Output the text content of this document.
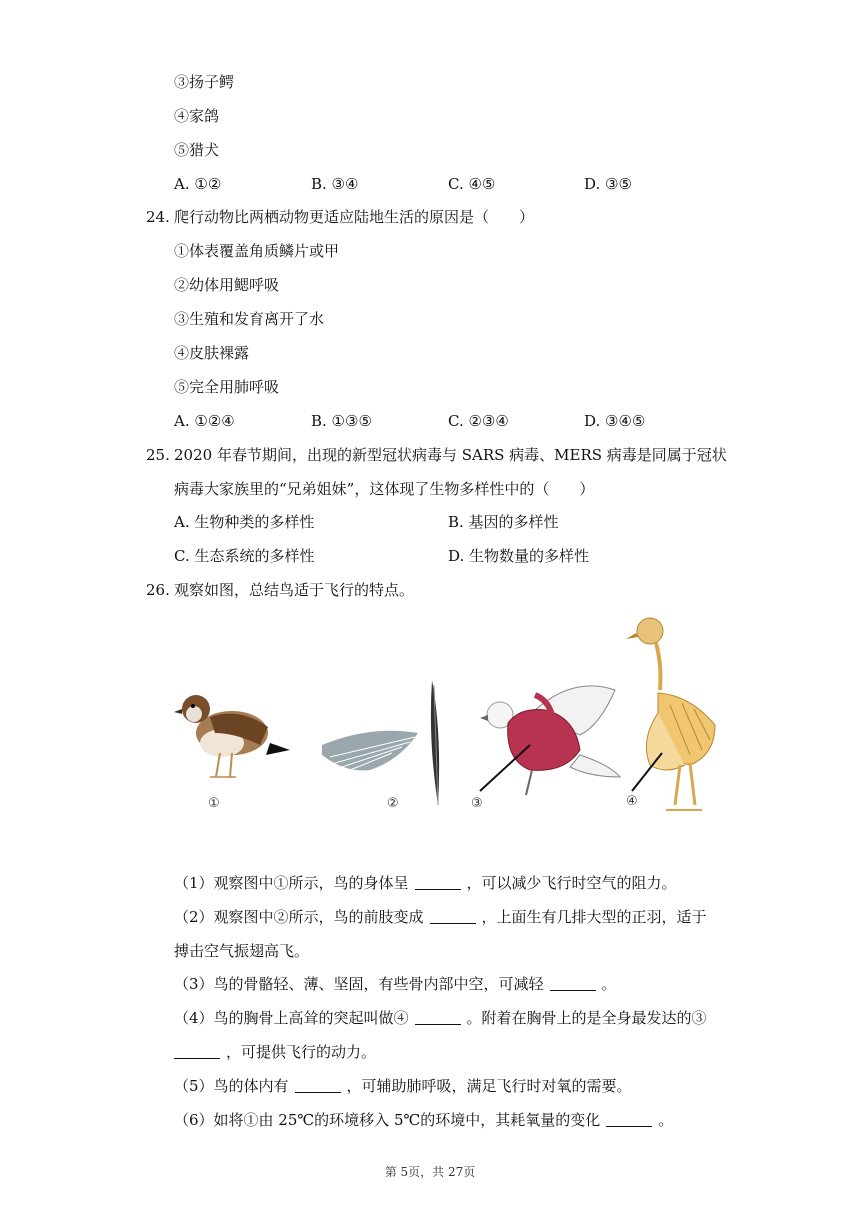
③扬子鳄
④家鸽
⑤猎犬
A. ①②	B. ③④	C. ④⑤	D. ③⑤
24. 爬行动物比两栖动物更适应陆地生活的原因是（　　）
①体表覆盖角质鳞片或甲
②幼体用鳃呼吸
③生殖和发育离开了水
④皮肤裸露
⑤完全用肺呼吸
A. ①②④	B. ①③⑤	C. ②③④	D. ③④⑤
25. 2020 年春节期间，出现的新型冠状病毒与 SARS 病毒、MERS 病毒是同属于冠状
病毒大家族里的“兄弟姐妹”，这体现了生物多样性中的（　　）
A. 生物种类的多样性	B. 基因的多样性
C. 生态系统的多样性	D. 生物数量的多样性
26. 观察如图，总结鸟适于飞行的特点。
①	②	③	④
（1）观察图中①所示，鸟的身体呈	，可以减少飞行时空气的阻力。
（2）观察图中②所示，鸟的前肢变成	，上面生有几排大型的正羽，适于
搏击空气振翅高飞。
（3）鸟的骨骼轻、薄、坚固，有些骨内部中空，可减轻	。
（4）鸟的胸骨上高耸的突起叫做④	。附着在胸骨上的是全身最发达的③
，可提供飞行的动力。
（5）鸟的体内有	，可辅助肺呼吸，满足飞行时对氧的需要。
（6）如将①由 25℃的环境移入 5℃的环境中，其耗氧量的变化	。
第 5页，共 27页
